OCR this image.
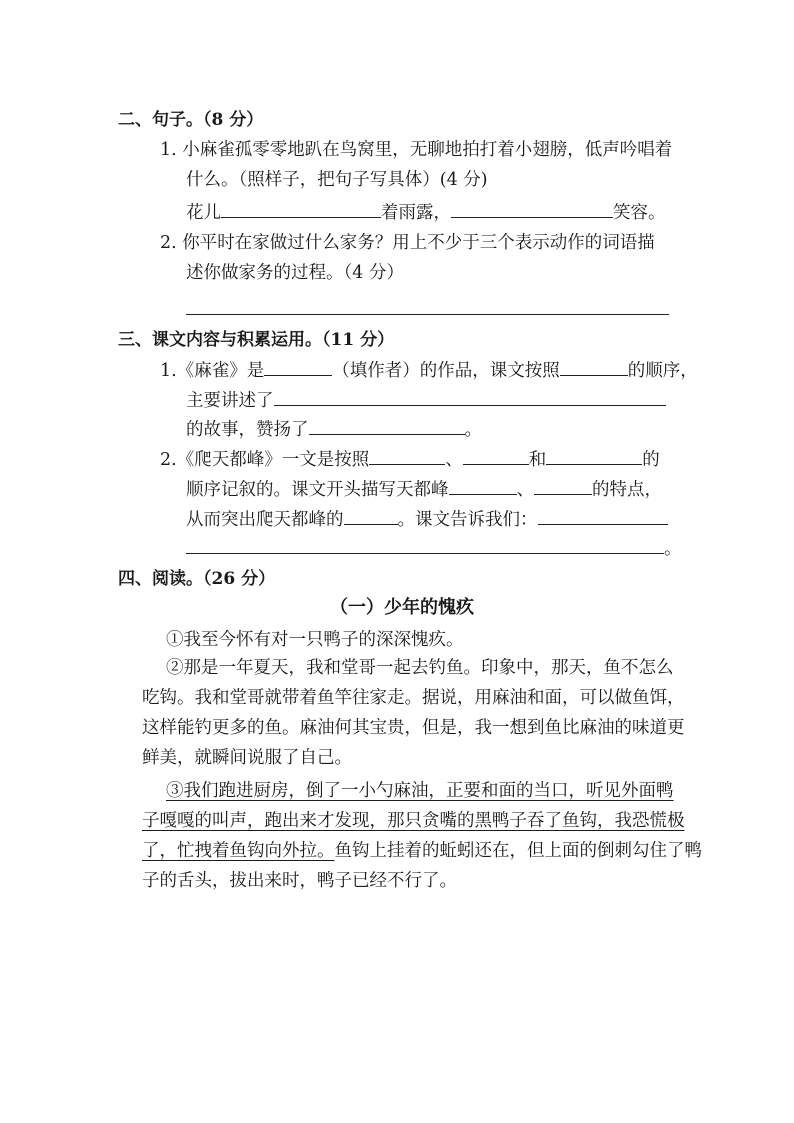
二、句子。（8 分）
1. 小麻雀孤零零地趴在鸟窝里，无聊地拍打着小翅膀，低声吟唱着
什么。（照样子，把句子写具体）(4 分)
花儿	着雨露，	笑容。
2. 你平时在家做过什么家务？用上不少于三个表示动作的词语描
述你做家务的过程。（4 分）
三、课文内容与积累运用。（11 分）
1.《麻雀》是	（填作者）的作品，课文按照	的顺序，
主要讲述了
的故事，赞扬了	。
2.《爬天都峰》一文是按照	、	和	的
顺序记叙的。课文开头描写天都峰	、	的特点，
从而突出爬天都峰的	。课文告诉我们：
。
四、阅读。（26 分）
（一）少年的愧疚
①我至今怀有对一只鸭子的深深愧疚。
②那是一年夏天，我和堂哥一起去钓鱼。印象中，那天，鱼不怎么
吃钩。我和堂哥就带着鱼竿往家走。据说，用麻油和面，可以做鱼饵，
这样能钓更多的鱼。麻油何其宝贵，但是，我一想到鱼比麻油的味道更
鲜美，就瞬间说服了自己。
③我们跑进厨房，倒了一小勺麻油，正要和面的当口，听见外面鸭
子嘎嘎的叫声，跑出来才发现，那只贪嘴的黑鸭子吞了鱼钩，我恐慌极
了，忙拽着鱼钩向外拉。鱼钩上挂着的蚯蚓还在，但上面的倒刺勾住了鸭
子的舌头，拔出来时，鸭子已经不行了。
